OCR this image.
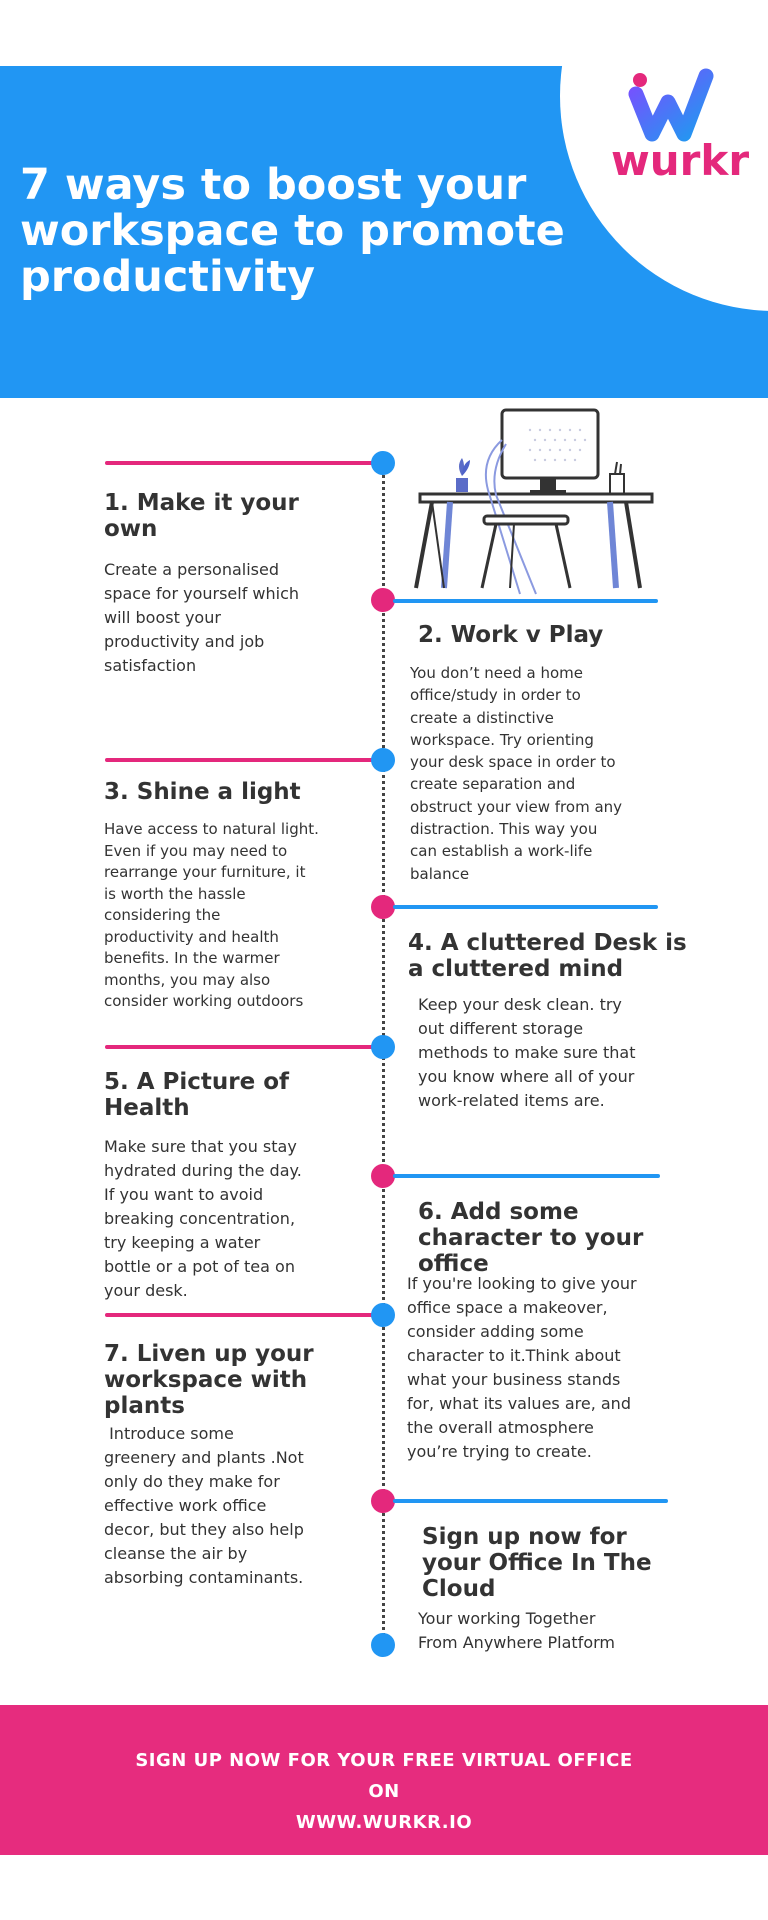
7 ways to boost your
workspace to promote
productivity
wurkr
1. Make it your
own
Create a personalised
space for yourself which
will boost your
productivity and job
satisfaction
2. Work v Play
You don’t need a home
office/study in order to
create a distinctive
workspace. Try orienting
your desk space in order to
create separation and
obstruct your view from any
distraction. This way you
can establish a work-life
balance
3. Shine a light
Have access to natural light.
Even if you may need to
rearrange your furniture, it
is worth the hassle
considering the
productivity and health
benefits. In the warmer
months, you may also
consider working outdoors
4. A cluttered Desk is
a cluttered mind
Keep your desk clean. try
out different storage
methods to make sure that
you know where all of your
work-related items are.
5. A Picture of
Health
Make sure that you stay
hydrated during the day.
If you want to avoid
breaking concentration,
try keeping a water
bottle or a pot of tea on
your desk.
6. Add some
character to your
office
If you're looking to give your
office space a makeover,
consider adding some
character to it.Think about
what your business stands
for, what its values are, and
the overall atmosphere
you’re trying to create.
7. Liven up your
workspace with
plants
Introduce some
greenery and plants .Not
only do they make for
effective work office
decor, but they also help
cleanse the air by
absorbing contaminants.
Sign up now for
your Office In The
Cloud
Your working Together
From Anywhere Platform
SIGN UP NOW FOR YOUR FREE VIRTUAL OFFICE
ON
WWW.WURKR.IO
